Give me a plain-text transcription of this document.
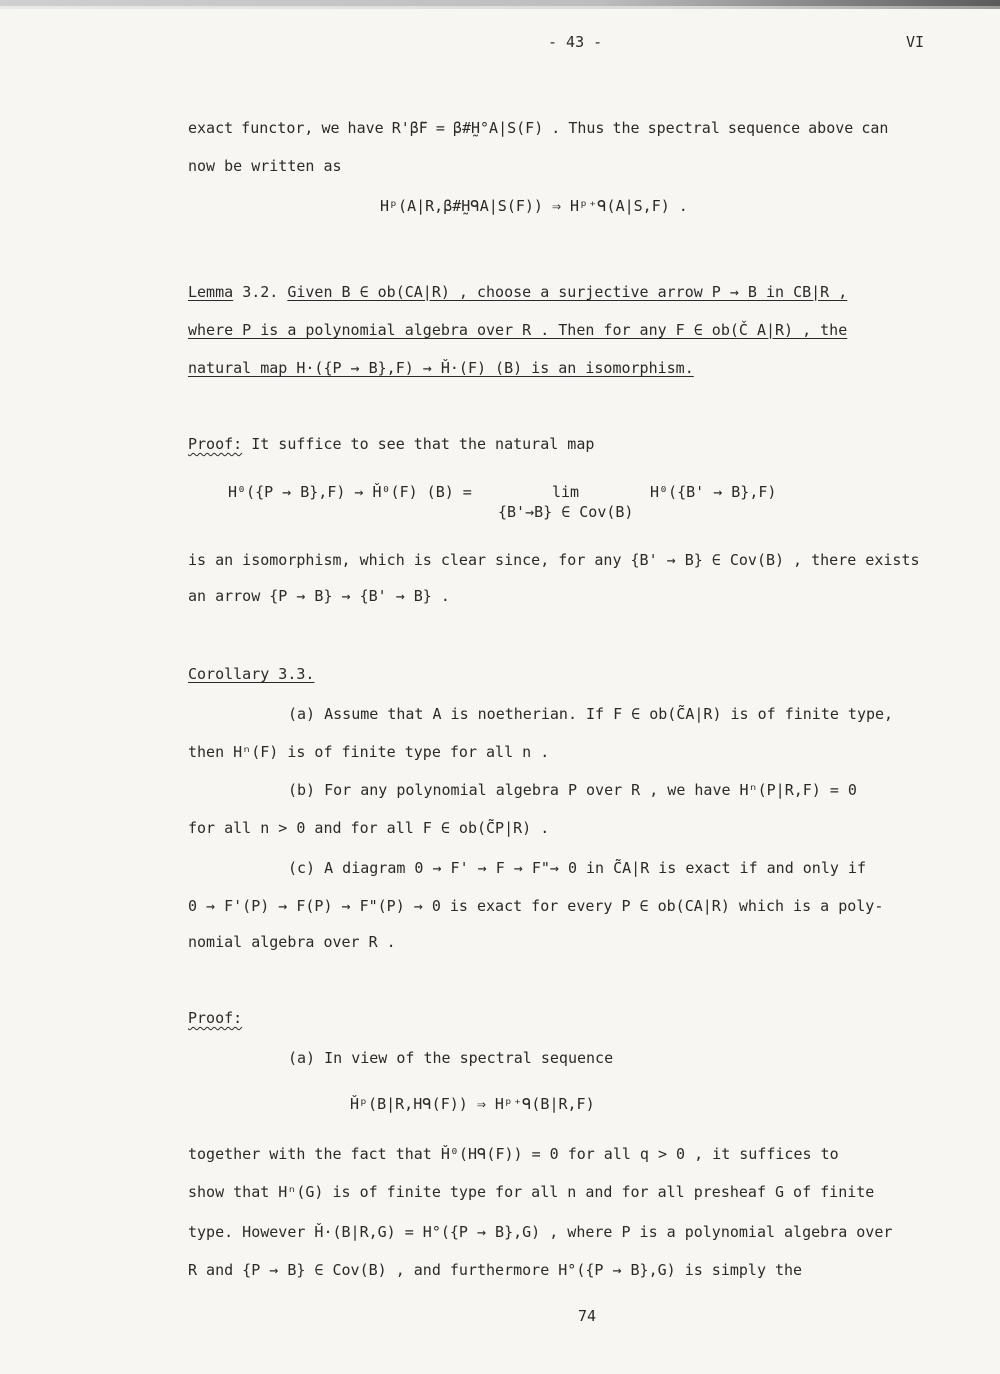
- 43 -	VI
exact functor, we have R'β̃F = β#H̰°A|S(F) . Thus the spectral sequence above can
now be written as
Hᵖ(A|R,β#H̰ᑫA|S(F)) ⇒ Hᵖ⁺ᑫ(A|S,F) .
Lemma 3.2. Given B ∈ ob(CA|R) , choose a surjective arrow P → B in CB|R ,
where P is a polynomial algebra over R . Then for any F ∈ ob(Č A|R) , the
natural map H·({P → B},F) → Ȟ·(F) (B) is an isomorphism.
Proof: It suffice to see that the natural map
H⁰({P → B},F) → Ȟ⁰(F) (B) =	lim
{B'→B} ∈ Cov(B)
H⁰({B' → B},F)
is an isomorphism, which is clear since, for any {B' → B} ∈ Cov(B) , there exists
an arrow {P → B} → {B' → B} .
Corollary 3.3.
(a) Assume that A is noetherian. If F ∈ ob(C̃A|R) is of finite type,
then Hⁿ(F) is of finite type for all n .
(b) For any polynomial algebra P over R , we have Hⁿ(P|R,F) = 0
for all n > 0 and for all F ∈ ob(C̃P|R) .
(c) A diagram 0 → F' → F → F"→ 0 in C̃A|R is exact if and only if
0 → F'(P) → F(P) → F"(P) → 0 is exact for every P ∈ ob(CA|R) which is a poly-
nomial algebra over R .
Proof:
(a) In view of the spectral sequence
Ȟᵖ(B|R,Hᑫ(F)) ⇒ Hᵖ⁺ᑫ(B|R,F)
together with the fact that Ȟ⁰(Hᑫ(F)) = 0 for all q > 0 , it suffices to
show that Hⁿ(G) is of finite type for all n and for all presheaf G of finite
type. However Ȟ·(B|R,G) = H°({P → B},G) , where P is a polynomial algebra over
R and {P → B} ∈ Cov(B) , and furthermore H°({P → B},G) is simply the
74
